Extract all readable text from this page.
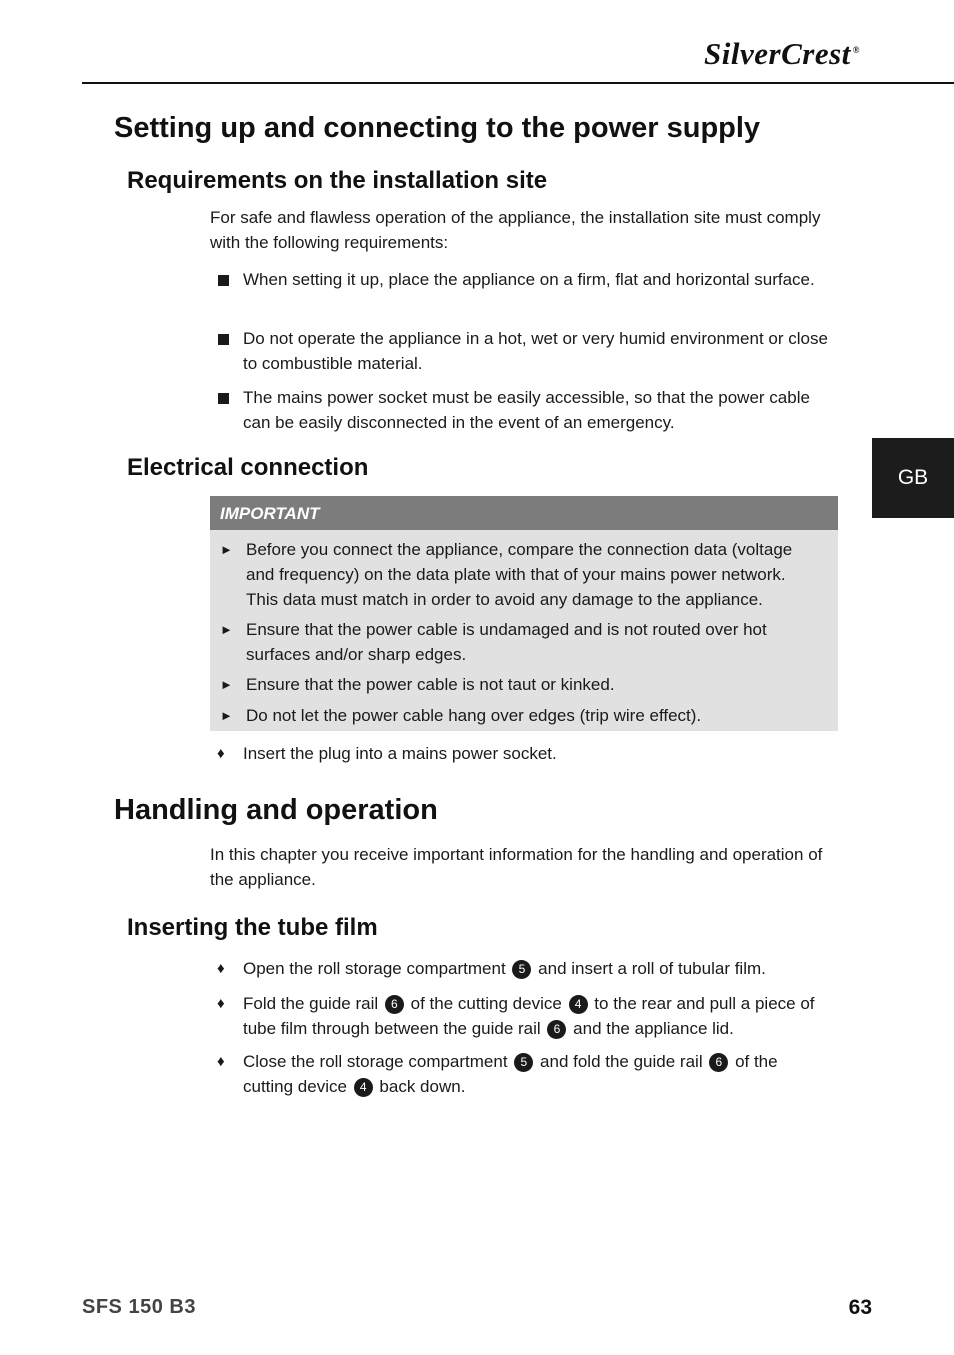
SilverCrest ®
GB
Setting up and connecting to the power supply
Requirements on the installation site

For safe and flawless operation of the appliance, the installation site must comply with the following requirements:

When setting it up, place the appliance on a firm, flat and horizontal surface.
Do not operate the appliance in a hot, wet or very humid environment or close to combustible material.
The mains power socket must be easily accessible, so that the power cable can be easily disconnected in the event of an emergency.
Electrical connection
IMPORTANT
► Before you connect the appliance, compare the connection data (voltage and frequency) on the data plate with that of your mains power network. This data must match in order to avoid any damage to the appliance.
► Ensure that the power cable is undamaged and is not routed over hot surfaces and/or sharp edges.
► Ensure that the power cable is not taut or kinked.
► Do not let the power cable hang over edges (trip wire effect).
♦ Insert the plug into a mains power socket.
Handling and operation

In this chapter you receive important information for the handling and operation of the appliance.

Inserting the tube film
♦ Open the roll storage compartment 5 and insert a roll of tubular film.
♦ Fold the guide rail 6 of the cutting device 4 to the rear and pull a piece of tube film through between the guide rail 6 and the appliance lid.
♦ Close the roll storage compartment 5 and fold the guide rail 6 of the cutting device 4 back down.
SFS 150 B3	63
